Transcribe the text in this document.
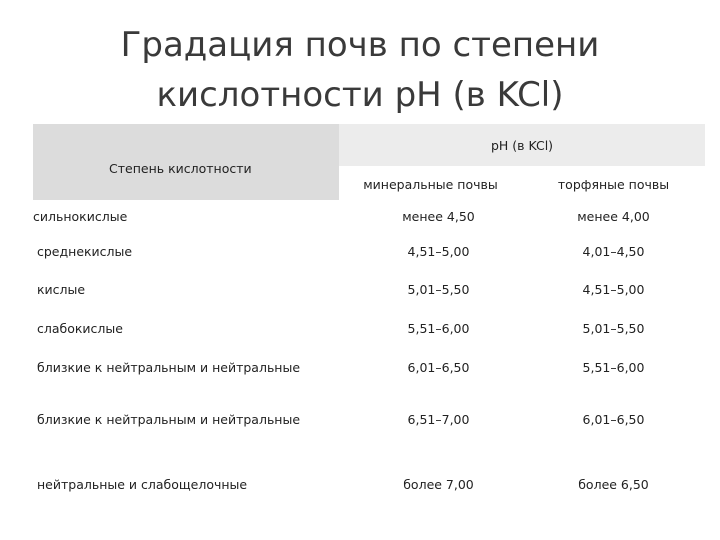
Градация почв по степени
кислотности pH (в KCl)
Степень кислотности	pH (в KCl)	
	минеральные почвы	торфяные почвы
сильнокислые	менее 4,50	менее 4,00
среднекислые	4,51–5,00	4,01–4,50
кислые	5,01–5,50	4,51–5,00
слабокислые	5,51–6,00	5,01–5,50
близкие к нейтральным и нейтральные	6,01–6,50	5,51–6,00
близкие к нейтральным и нейтральные	6,51–7,00	6,01–6,50
нейтральные и слабощелочные	более 7,00	более 6,50
